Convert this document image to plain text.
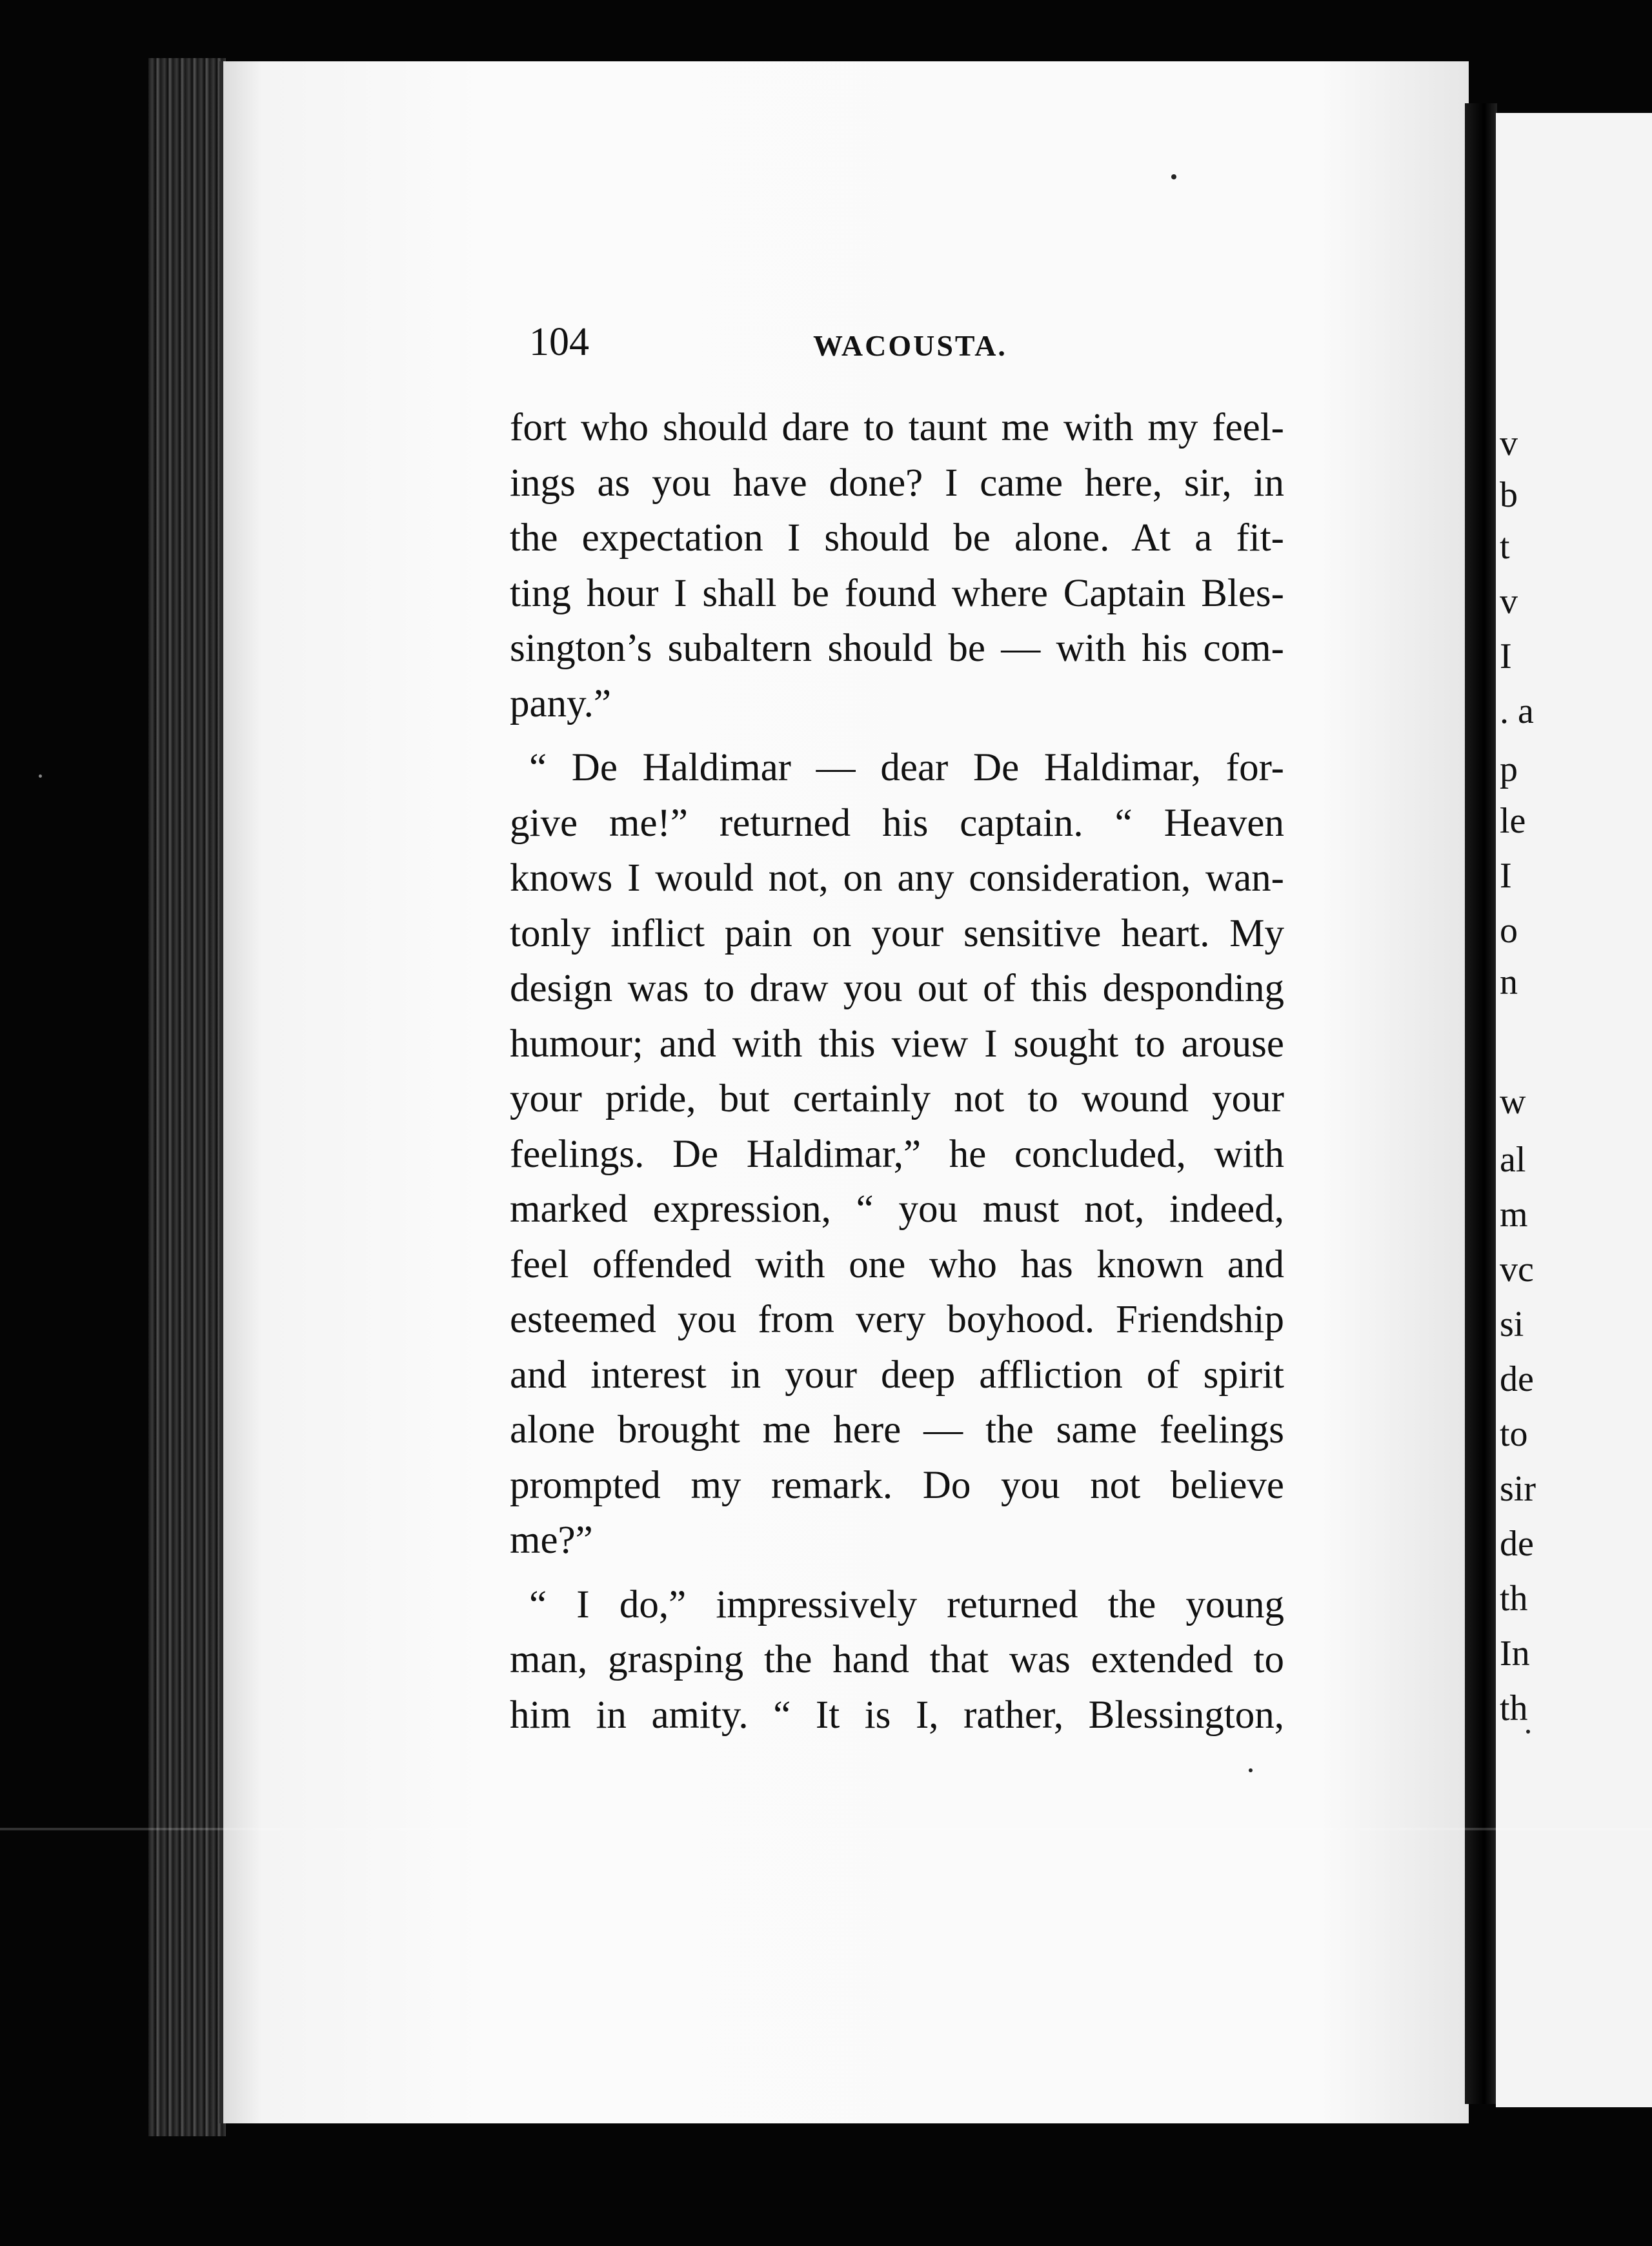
v
b
t
v
I
. a
p
le
I
o
n
w
al
m
vc
si
de
to
sir
de
th
In
th
104	WACOUSTA.
fort who should dare to taunt me with my feel-
ings as you have done? I came here, sir, in
the expectation I should be alone. At a fit-
ting hour I shall be found where Captain Bles-
sington’s subaltern should be — with his com-
pany.”
“ De Haldimar — dear De Haldimar, for-
give me!” returned his captain. “ Heaven
knows I would not, on any consideration, wan-
tonly inflict pain on your sensitive heart. My
design was to draw you out of this desponding
humour; and with this view I sought to arouse
your pride, but certainly not to wound your
feelings. De Haldimar,” he concluded, with
marked expression, “ you must not, indeed,
feel offended with one who has known and
esteemed you from very boyhood. Friendship
and interest in your deep affliction of spirit
alone brought me here — the same feelings
prompted my remark. Do you not believe
me?”
“ I do,” impressively returned the young
man, grasping the hand that was extended to
him in amity. “ It is I, rather, Blessington,
